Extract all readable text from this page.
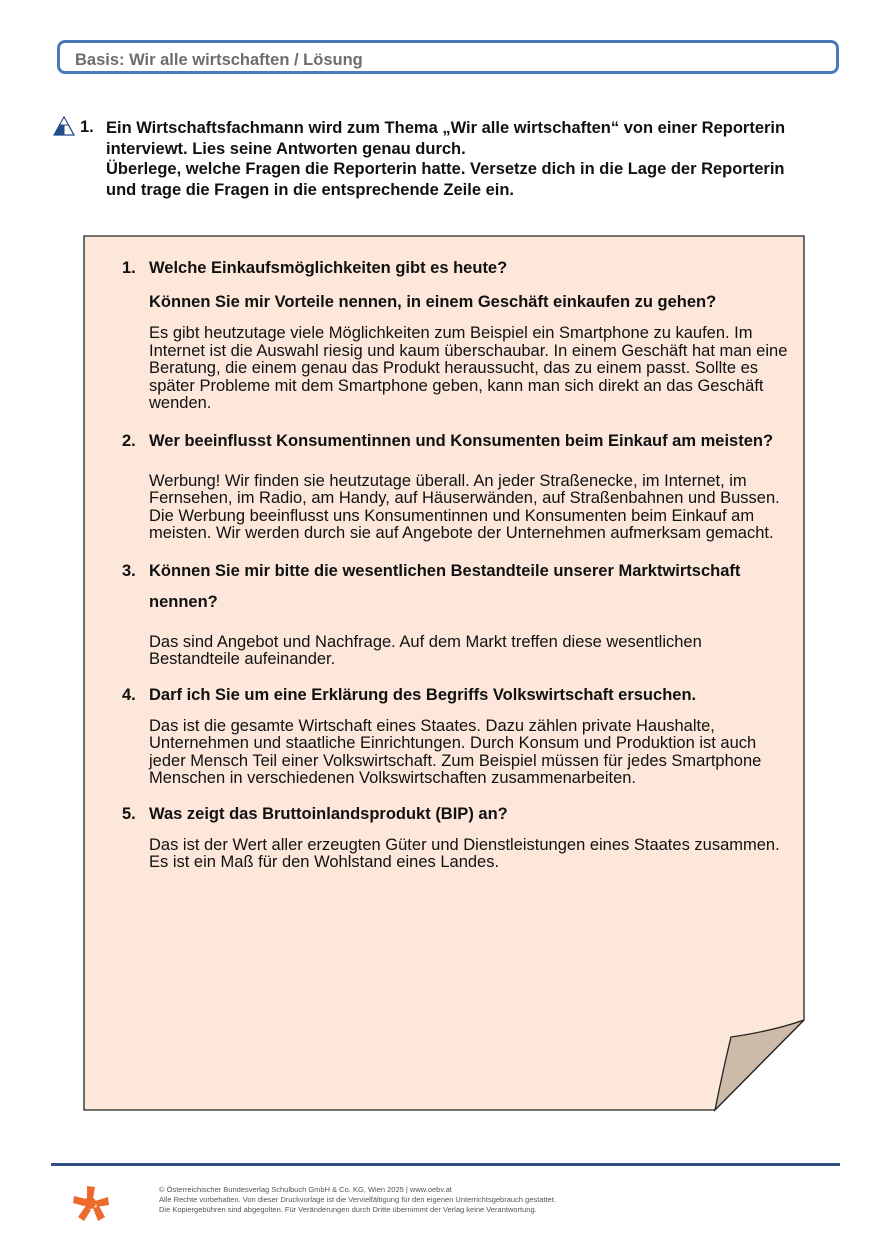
Basis: Wir alle wirtschaften / Lösung
1. Ein Wirtschaftsfachmann wird zum Thema „Wir alle wirtschaften“ von einer Reporterin
interviewt. Lies seine Antworten genau durch.
Überlege, welche Fragen die Reporterin hatte. Versetze dich in die Lage der Reporterin
und trage die Fragen in die entsprechende Zeile ein.
1. Welche Einkaufsmöglichkeiten gibt es heute?
Können Sie mir Vorteile nennen, in einem Geschäft einkaufen zu gehen?
Es gibt heutzutage viele Möglichkeiten zum Beispiel ein Smartphone zu kaufen. Im Internet ist die Auswahl riesig und kaum überschaubar. In einem Geschäft hat man eine Beratung, die einem genau das Produkt heraussucht, das zu einem passt. Sollte es später Probleme mit dem Smartphone geben, kann man sich direkt an das Geschäft wenden.
2. Wer beeinflusst Konsumentinnen und Konsumenten beim Einkauf am meisten?
Werbung! Wir finden sie heutzutage überall. An jeder Straßenecke, im Internet, im Fernsehen, im Radio, am Handy, auf Häuserwänden, auf Straßenbahnen und Bussen. Die Werbung beeinflusst uns Konsumentinnen und Konsumenten beim Einkauf am meisten. Wir werden durch sie auf Angebote der Unternehmen aufmerksam gemacht.
3. Können Sie mir bitte die wesentlichen Bestandteile unserer Marktwirtschaft nennen?
Das sind Angebot und Nachfrage. Auf dem Markt treffen diese wesentlichen Bestandteile aufeinander.
4. Darf ich Sie um eine Erklärung des Begriffs Volkswirtschaft ersuchen.
Das ist die gesamte Wirtschaft eines Staates. Dazu zählen private Haushalte, Unternehmen und staatliche Einrichtungen. Durch Konsum und Produktion ist auch jeder Mensch Teil einer Volkswirtschaft. Zum Beispiel müssen für jedes Smartphone Menschen in verschiedenen Volkswirtschaften zusammenarbeiten.
5. Was zeigt das Bruttoinlandsprodukt (BIP) an?
Das ist der Wert aller erzeugten Güter und Dienstleistungen eines Staates zusammen. Es ist ein Maß für den Wohlstand eines Landes.
© Österreichischer Bundesverlag Schulbuch GmbH & Co. KG, Wien 2025 | www.oebv.at
Alle Rechte vorbehalten. Von dieser Druckvorlage ist die Vervielfältigung für den eigenen Unterrichtsgebrauch gestattet.
Die Kopiergebühren sind abgegolten. Für Veränderungen durch Dritte übernimmt der Verlag keine Verantwortung.
